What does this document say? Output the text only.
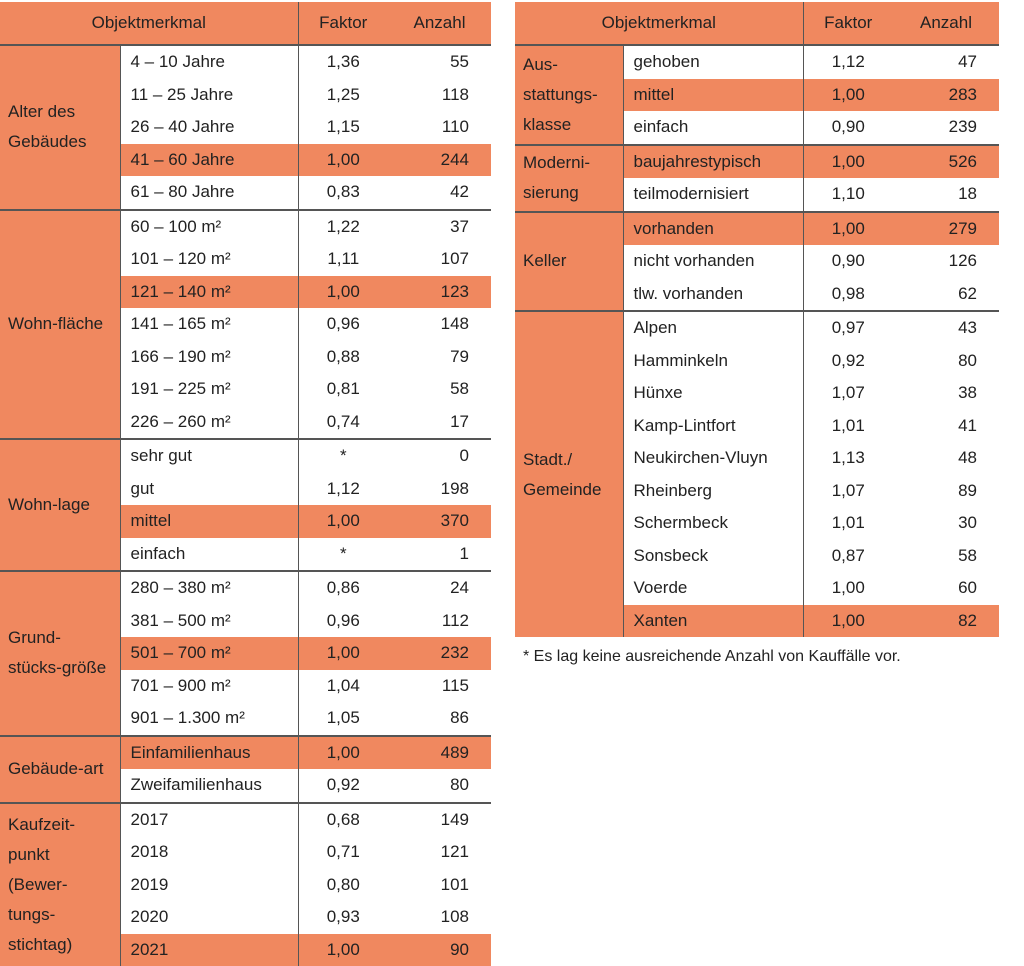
Objektmerkmal		Faktor	Anzahl
Alter des Gebäudes	4 – 10 Jahre	1,36	55
	11 – 25 Jahre	1,25	118
	26 – 40 Jahre	1,15	110
	41 – 60 Jahre	1,00	244
	61 – 80 Jahre	0,83	42
Wohn-fläche	60 – 100 m²	1,22	37
	101 – 120 m²	1,11	107
	121 – 140 m²	1,00	123
	141 – 165 m²	0,96	148
	166 – 190 m²	0,88	79
	191 – 225 m²	0,81	58
	226 – 260 m²	0,74	17
Wohn-lage	sehr gut	*	0
	gut	1,12	198
	mittel	1,00	370
	einfach	*	1
Grund-stücks-größe	280 – 380 m²	0,86	24
	381 – 500 m²	0,96	112
	501 – 700 m²	1,00	232
	701 – 900 m²	1,04	115
	901 – 1.300 m²	1,05	86
Gebäude-art	Einfamilienhaus	1,00	489
	Zweifamilienhaus	0,92	80
Kaufzeit-punkt (Bewer-tungs-stichtag)	2017	0,68	149
	2018	0,71	121
	2019	0,80	101
	2020	0,93	108
	2021	1,00	90
Objektmerkmal		Faktor	Anzahl
Aus-stattungs-klasse	gehoben	1,12	47
	mittel	1,00	283
	einfach	0,90	239
Moderni-sierung	baujahrestypisch	1,00	526
	teilmodernisiert	1,10	18
Keller	vorhanden	1,00	279
	nicht vorhanden	0,90	126
	tlw. vorhanden	0,98	62
Stadt./ Gemeinde	Alpen	0,97	43
	Hamminkeln	0,92	80
	Hünxe	1,07	38
	Kamp-Lintfort	1,01	41
	Neukirchen-Vluyn	1,13	48
	Rheinberg	1,07	89
	Schermbeck	1,01	30
	Sonsbeck	0,87	58
	Voerde	1,00	60
	Xanten	1,00	82

* Es lag keine ausreichende Anzahl von Kauffälle vor.
